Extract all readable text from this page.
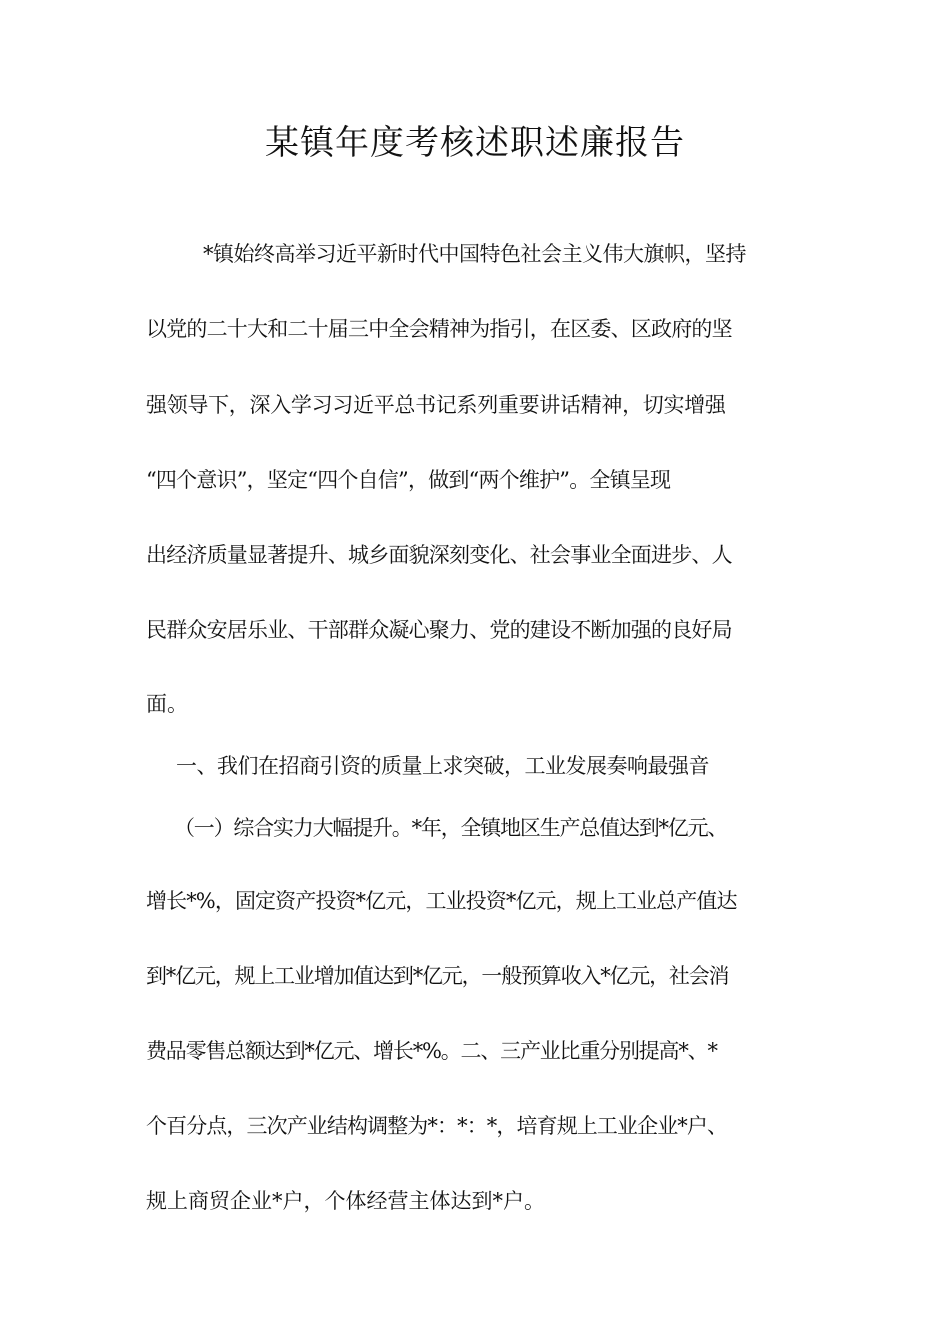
某镇年度考核述职述廉报告

*镇始终高举习近平新时代中国特色社会主义伟大旗帜，坚持

以党的二十大和二十届三中全会精神为指引，在区委、区政府的坚

强领导下，深入学习习近平总书记系列重要讲话精神，切实增强

“四个意识”，坚定“四个自信”，做到“两个维护”。全镇呈现

出经济质量显著提升、城乡面貌深刻变化、社会事业全面进步、人

民群众安居乐业、干部群众凝心聚力、党的建设不断加强的良好局

面。

一、我们在招商引资的质量上求突破，工业发展奏响最强音

（一）综合实力大幅提升。*年，全镇地区生产总值达到*亿元、

增长*%，固定资产投资*亿元，工业投资*亿元，规上工业总产值达

到*亿元，规上工业增加值达到*亿元，一般预算收入*亿元，社会消

费品零售总额达到*亿元、增长*%。二、三产业比重分别提高*、*

个百分点，三次产业结构调整为*：*：*，培育规上工业企业*户、

规上商贸企业*户，个体经营主体达到*户。
